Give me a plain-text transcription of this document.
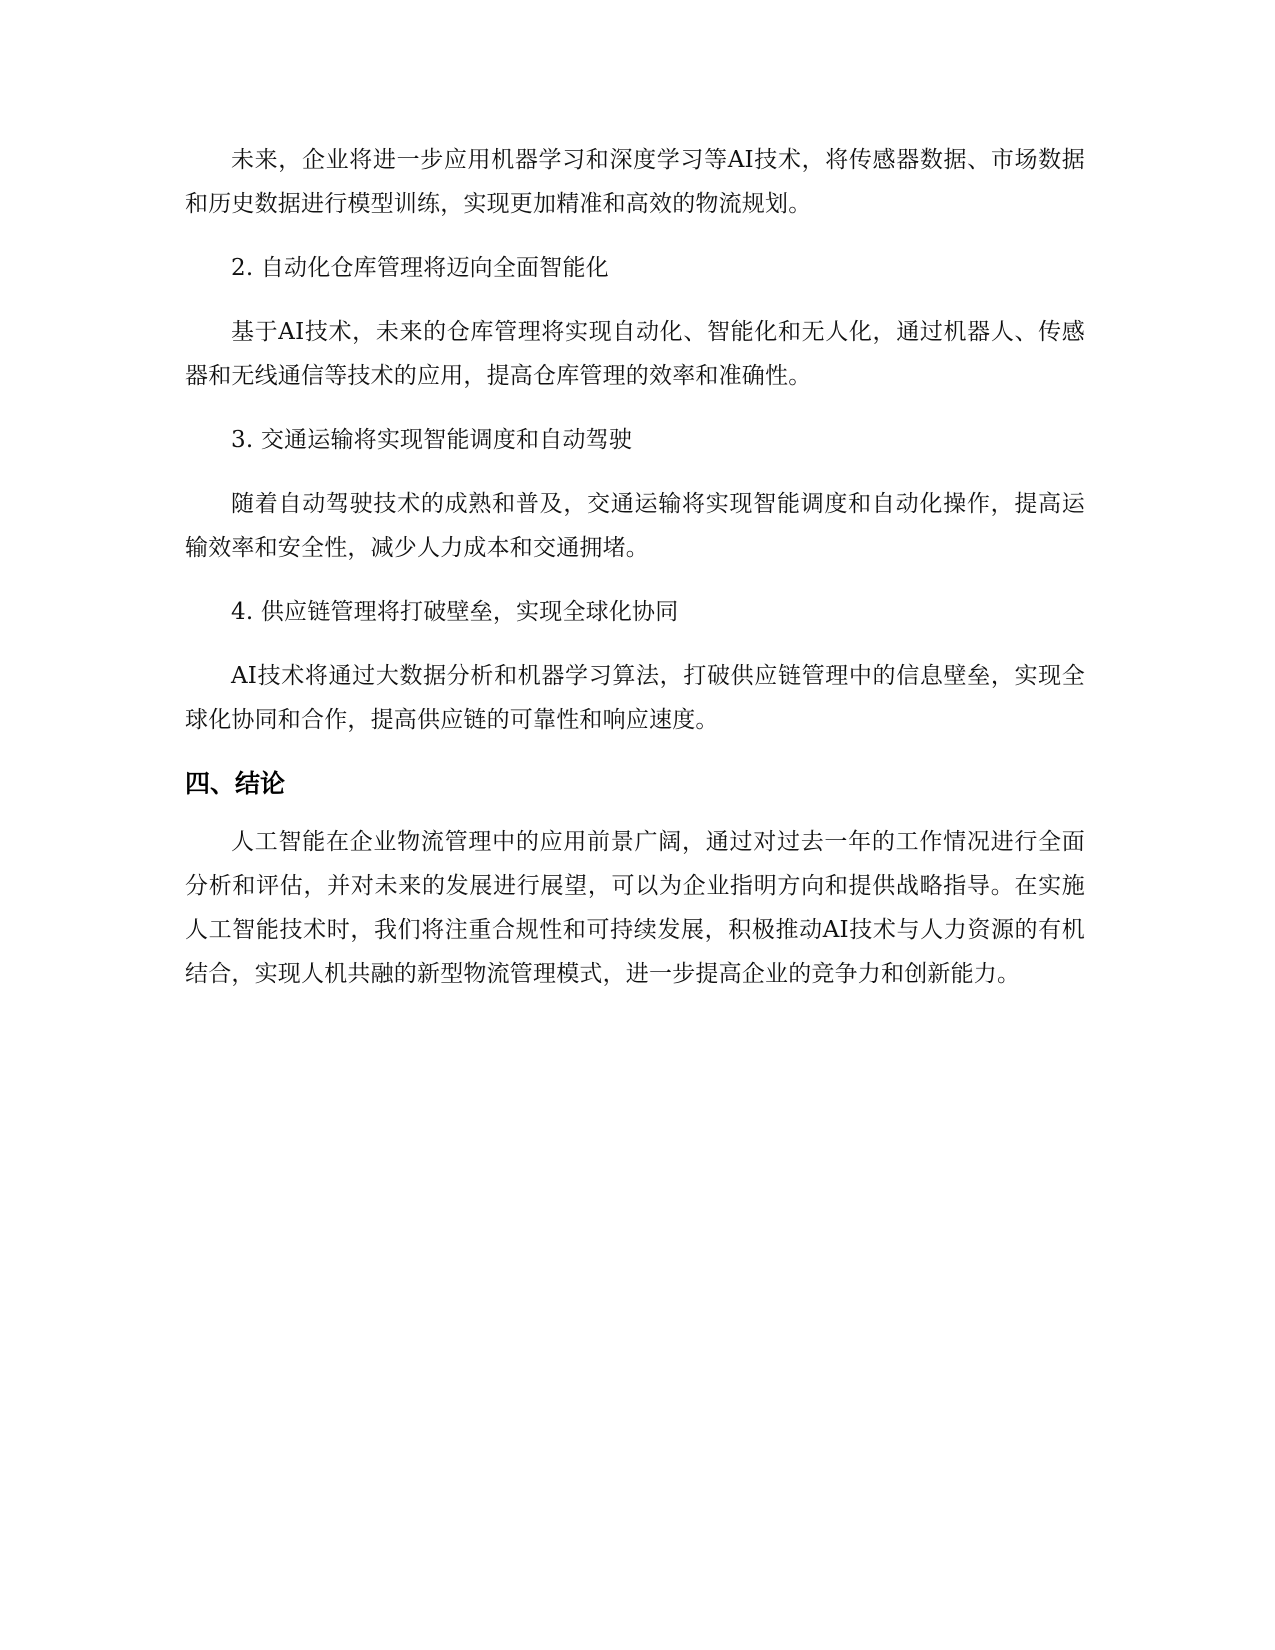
未来，企业将进一步应用机器学习和深度学习等AI技术，将传感器数据、市场数据和历史数据进行模型训练，实现更加精准和高效的物流规划。

2. 自动化仓库管理将迈向全面智能化

基于AI技术，未来的仓库管理将实现自动化、智能化和无人化，通过机器人、传感器和无线通信等技术的应用，提高仓库管理的效率和准确性。

3. 交通运输将实现智能调度和自动驾驶

随着自动驾驶技术的成熟和普及，交通运输将实现智能调度和自动化操作，提高运输效率和安全性，减少人力成本和交通拥堵。

4. 供应链管理将打破壁垒，实现全球化协同

AI技术将通过大数据分析和机器学习算法，打破供应链管理中的信息壁垒，实现全球化协同和合作，提高供应链的可靠性和响应速度。

四、结论

人工智能在企业物流管理中的应用前景广阔，通过对过去一年的工作情况进行全面分析和评估，并对未来的发展进行展望，可以为企业指明方向和提供战略指导。在实施人工智能技术时，我们将注重合规性和可持续发展，积极推动AI技术与人力资源的有机结合，实现人机共融的新型物流管理模式，进一步提高企业的竞争力和创新能力。
